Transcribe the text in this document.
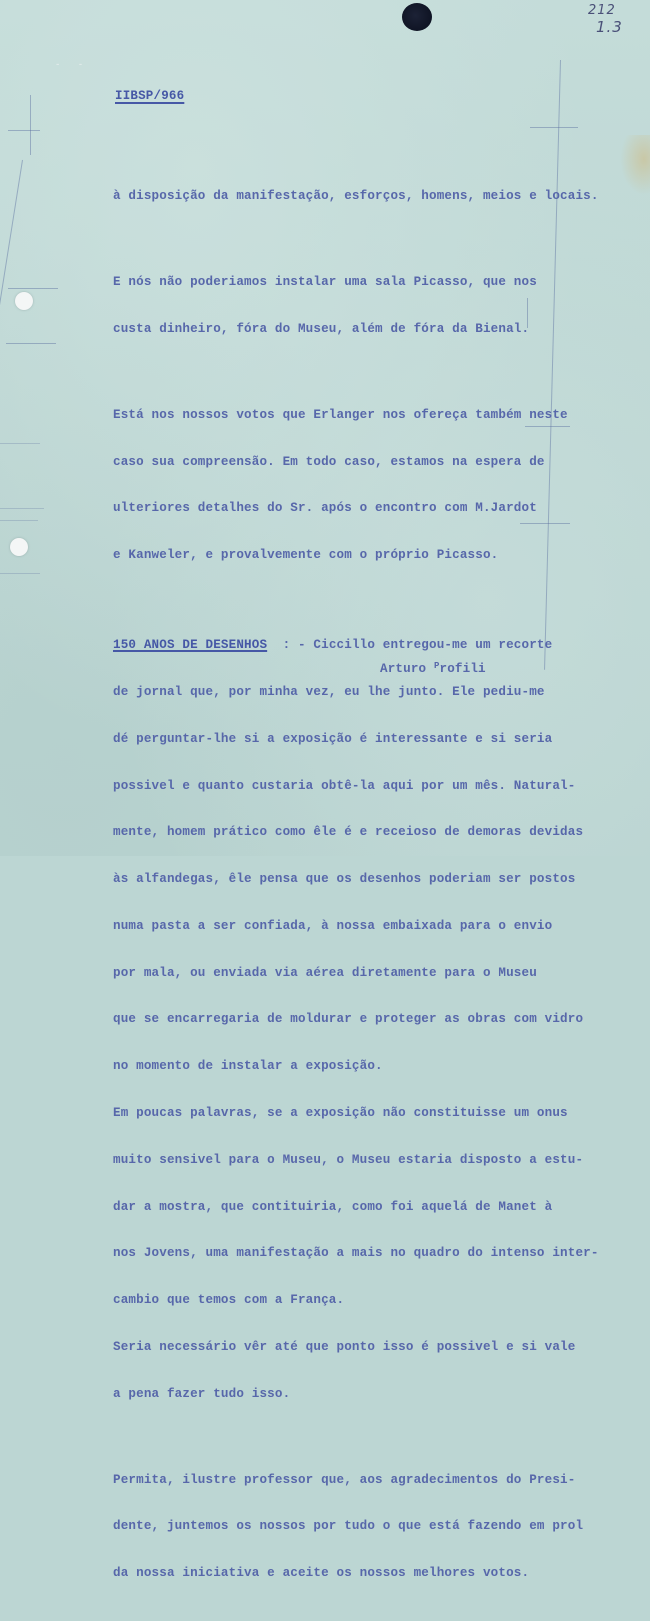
212
1.3
- -
IIBSP/966

à disposição da manifestação, esforços, homens, meios e locais.

E nós não poderiamos instalar uma sala Picasso, que nos

custa dinheiro, fóra do Museu, além de fóra da Bienal.

Está nos nossos votos que Erlanger nos ofereça também neste

caso sua compreensão. Em todo caso, estamos na espera de

ulteriores detalhes do Sr. após o encontro com M.Jardot

e Kanweler, e provalvemente com o próprio Picasso.

150 ANOS DE DESENHOS  : - Ciccillo entregou-me um recorte

de jornal que, por minha vez, eu lhe junto. Ele pediu-me

dé perguntar-lhe si a exposição é interessante e si seria

possivel e quanto custaria obtê-la aqui por um mês. Natural-

mente, homem prático como êle é e receioso de demoras devidas

às alfandegas, êle pensa que os desenhos poderiam ser postos

numa pasta a ser confiada, à nossa embaixada para o envio

por mala, ou enviada via aérea diretamente para o Museu

que se encarregaria de moldurar e proteger as obras com vidro

no momento de instalar a exposição.

Em poucas palavras, se a exposição não constituisse um onus

muito sensivel para o Museu, o Museu estaria disposto a estu-

dar a mostra, que contituiria, como foi aquelá de Manet à

nos Jovens, uma manifestação a mais no quadro do intenso inter-

cambio que temos com a França.

Seria necessário vêr até que ponto isso é possivel e si vale

a pena fazer tudo isso.

Permita, ilustre professor que, aos agradecimentos do Presi-

dente, juntemos os nossos por tudo o que está fazendo em prol

da nossa iniciativa e aceite os nossos melhores votos.

Arturo $^P$rofili
